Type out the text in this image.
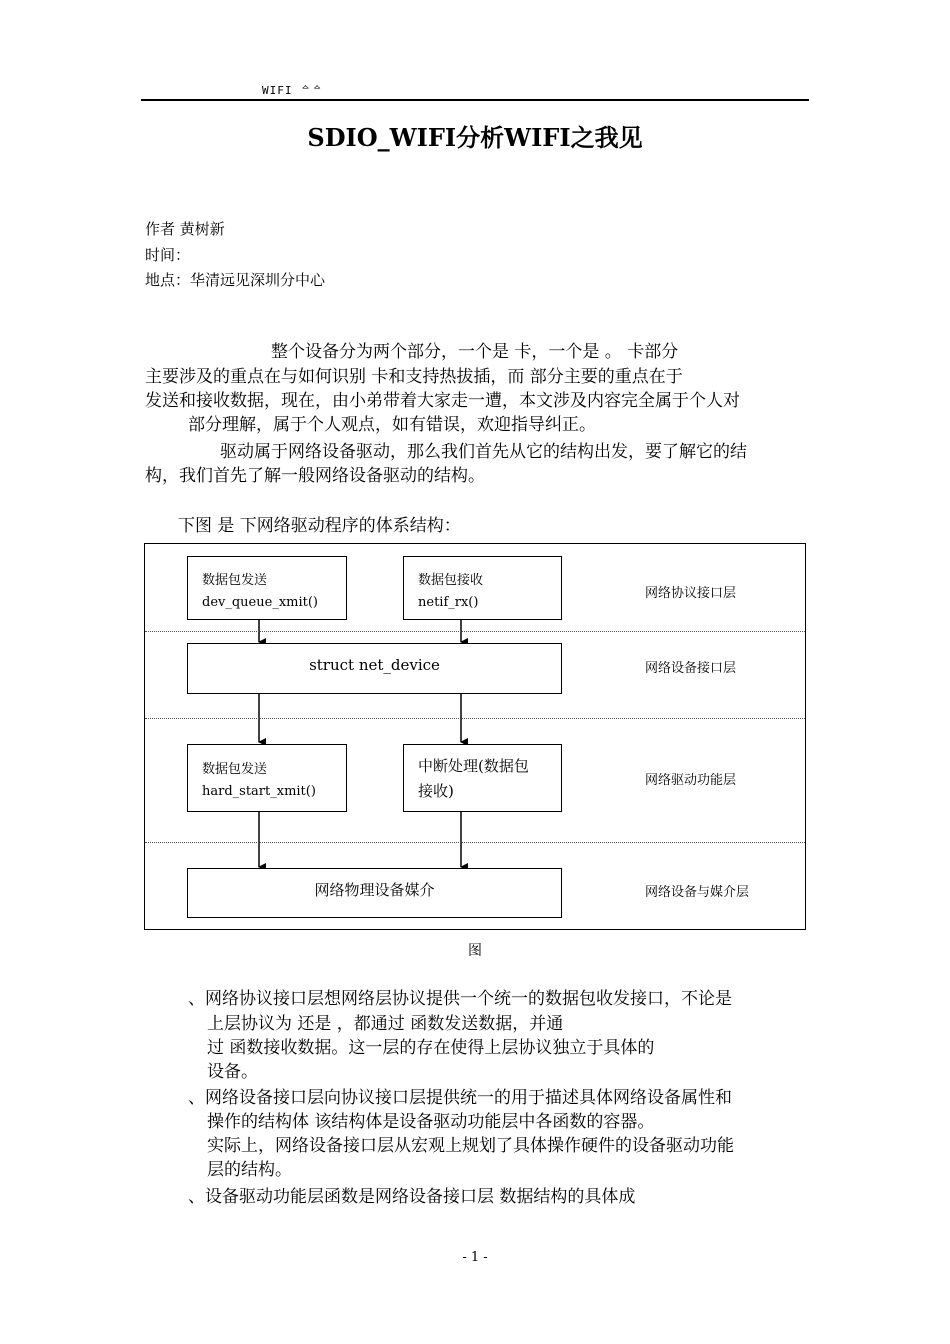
WIFI ᅀᅀ
SDIO_WIFI分析WIFI之我见
作者 黄树新
时间：
地点：华清远见深圳分中心
整个设备分为两个部分，一个是 卡，一个是 。 卡部分
主要涉及的重点在与如何识别 卡和支持热拔插，而 部分主要的重点在于
发送和接收数据，现在，由小弟带着大家走一遭，本文涉及内容完全属于个人对
部分理解，属于个人观点，如有错误，欢迎指导纠正。
驱动属于网络设备驱动，那么我们首先从它的结构出发，要了解它的结
构，我们首先了解一般网络设备驱动的结构。
下图 是 下网络驱动程序的体系结构：
数据包发送
dev_queue_xmit()
数据包接收
netif_rx()
struct net_device
数据包发送
hard_start_xmit()
中断处理(数据包
接收)
网络物理设备媒介
网络协议接口层
网络设备接口层
网络驱动功能层
网络设备与媒介层
图
、网络协议接口层想网络层协议提供一个统一的数据包收发接口，不论是
上层协议为 还是 ，都通过 函数发送数据，并通
过 函数接收数据。这一层的存在使得上层协议独立于具体的
设备。
、网络设备接口层向协议接口层提供统一的用于描述具体网络设备属性和
操作的结构体 该结构体是设备驱动功能层中各函数的容器。
实际上，网络设备接口层从宏观上规划了具体操作硬件的设备驱动功能
层的结构。
、设备驱动功能层函数是网络设备接口层 数据结构的具体成
- 1 -
